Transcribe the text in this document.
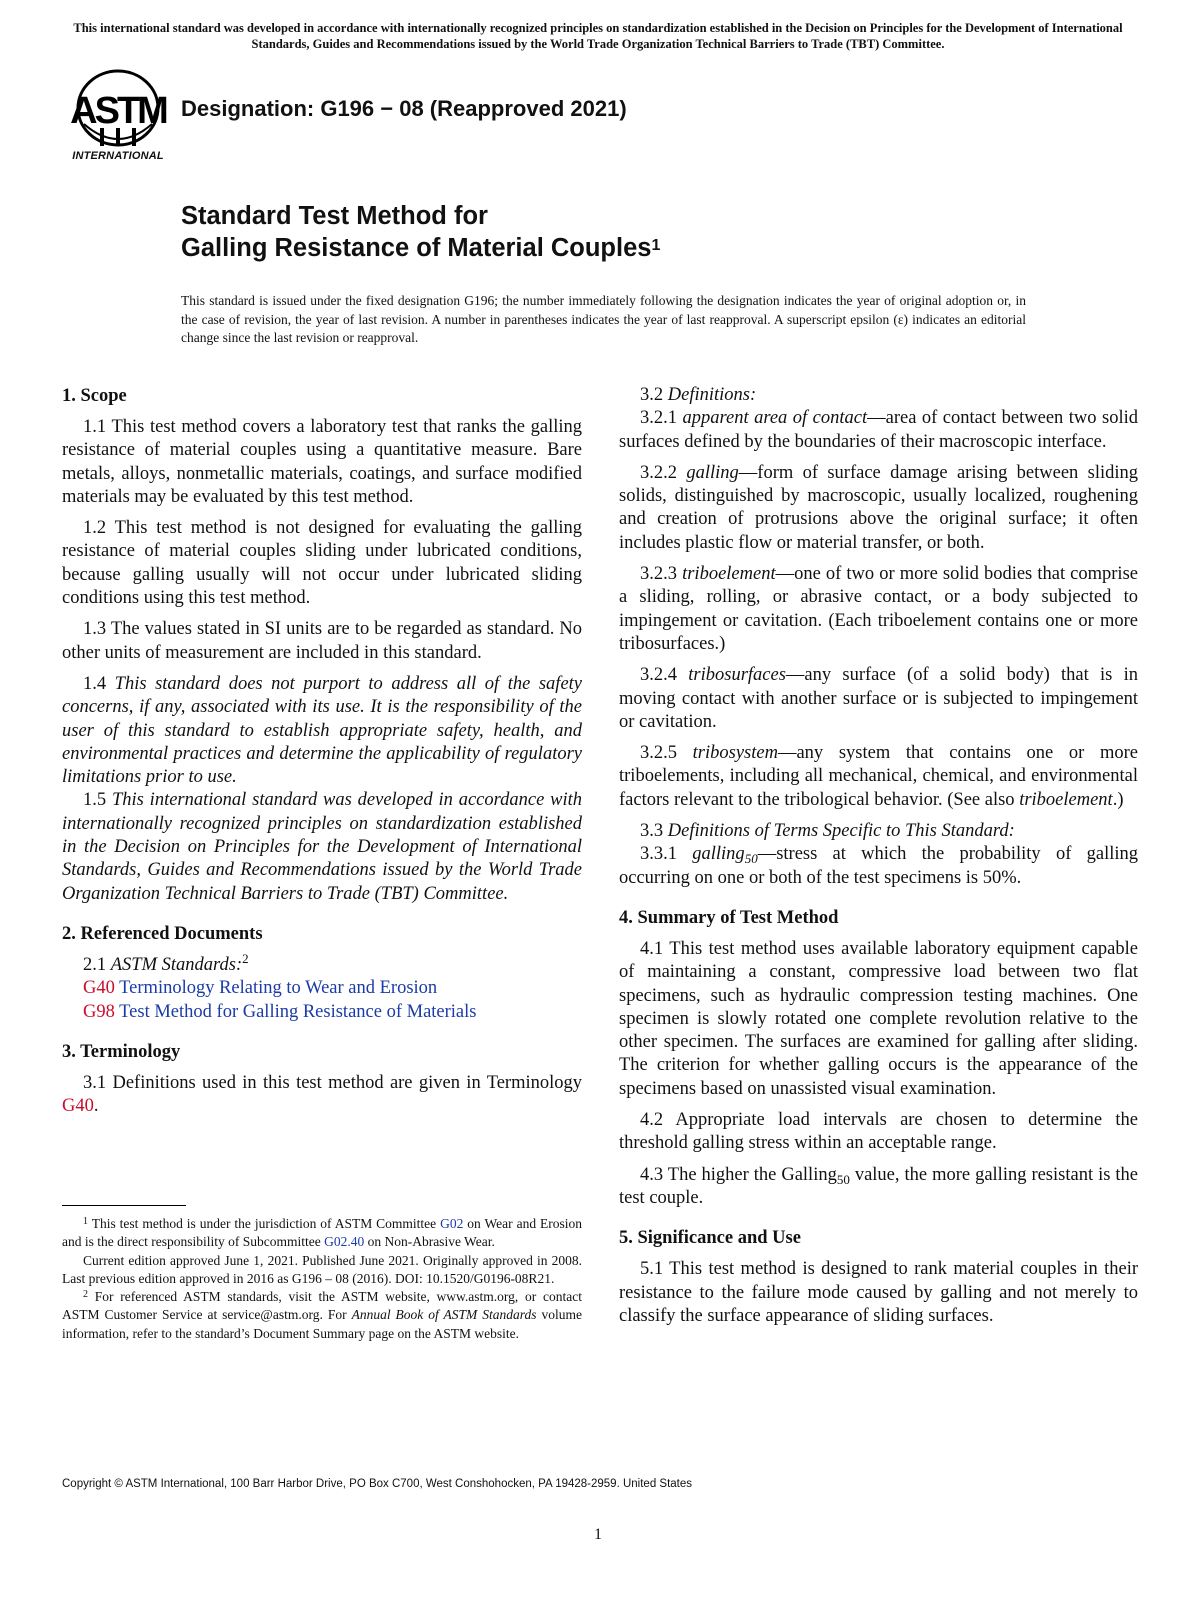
This international standard was developed in accordance with internationally recognized principles on standardization established in the Decision on Principles for the Development of International Standards, Guides and Recommendations issued by the World Trade Organization Technical Barriers to Trade (TBT) Committee.
ASTM
INTERNATIONAL
Designation: G196 − 08 (Reapproved 2021)
Standard Test Method for
Galling Resistance of Material Couples$^1$
This standard is issued under the fixed designation G196; the number immediately following the designation indicates the year of original adoption or, in the case of revision, the year of last revision. A number in parentheses indicates the year of last reapproval. A superscript epsilon (ε) indicates an editorial change since the last revision or reapproval.
1. Scope

1.1 This test method covers a laboratory test that ranks the galling resistance of material couples using a quantitative measure. Bare metals, alloys, nonmetallic materials, coatings, and surface modified materials may be evaluated by this test method.

1.2 This test method is not designed for evaluating the galling resistance of material couples sliding under lubricated conditions, because galling usually will not occur under lubricated sliding conditions using this test method.

1.3 The values stated in SI units are to be regarded as standard. No other units of measurement are included in this standard.

1.4 This standard does not purport to address all of the safety concerns, if any, associated with its use. It is the responsibility of the user of this standard to establish appropriate safety, health, and environmental practices and determine the applicability of regulatory limitations prior to use.

1.5 This international standard was developed in accordance with internationally recognized principles on standardization established in the Decision on Principles for the Development of International Standards, Guides and Recommendations issued by the World Trade Organization Technical Barriers to Trade (TBT) Committee.

2. Referenced Documents

2.1 ASTM Standards:$^2$

G40 Terminology Relating to Wear and Erosion
G98 Test Method for Galling Resistance of Materials
3. Terminology

3.1 Definitions used in this test method are given in Terminology G40.

$^1$ This test method is under the jurisdiction of ASTM Committee G02 on Wear and Erosion and is the direct responsibility of Subcommittee G02.40 on Non-Abrasive Wear.

Current edition approved June 1, 2021. Published June 2021. Originally approved in 2008. Last previous edition approved in 2016 as G196 – 08 (2016). DOI: 10.1520/G0196-08R21.

$^2$ For referenced ASTM standards, visit the ASTM website, www.astm.org, or contact ASTM Customer Service at service@astm.org. For Annual Book of ASTM Standards volume information, refer to the standard’s Document Summary page on the ASTM website.

3.2 Definitions:

3.2.1 apparent area of contact—area of contact between two solid surfaces defined by the boundaries of their macroscopic interface.

3.2.2 galling—form of surface damage arising between sliding solids, distinguished by macroscopic, usually localized, roughening and creation of protrusions above the original surface; it often includes plastic flow or material transfer, or both.

3.2.3 triboelement—one of two or more solid bodies that comprise a sliding, rolling, or abrasive contact, or a body subjected to impingement or cavitation. (Each triboelement contains one or more tribosurfaces.)

3.2.4 tribosurfaces—any surface (of a solid body) that is in moving contact with another surface or is subjected to impingement or cavitation.

3.2.5 tribosystem—any system that contains one or more triboelements, including all mechanical, chemical, and environmental factors relevant to the tribological behavior. (See also triboelement.)

3.3 Definitions of Terms Specific to This Standard:

3.3.1 galling$_{50}$—stress at which the probability of galling occurring on one or both of the test specimens is 50%.

4. Summary of Test Method

4.1 This test method uses available laboratory equipment capable of maintaining a constant, compressive load between two flat specimens, such as hydraulic compression testing machines. One specimen is slowly rotated one complete revolution relative to the other specimen. The surfaces are examined for galling after sliding. The criterion for whether galling occurs is the appearance of the specimens based on unassisted visual examination.

4.2 Appropriate load intervals are chosen to determine the threshold galling stress within an acceptable range.

4.3 The higher the Galling$_{50}$ value, the more galling resistant is the test couple.

5. Significance and Use

5.1 This test method is designed to rank material couples in their resistance to the failure mode caused by galling and not merely to classify the surface appearance of sliding surfaces.

Copyright © ASTM International, 100 Barr Harbor Drive, PO Box C700, West Conshohocken, PA 19428-2959. United States
1
